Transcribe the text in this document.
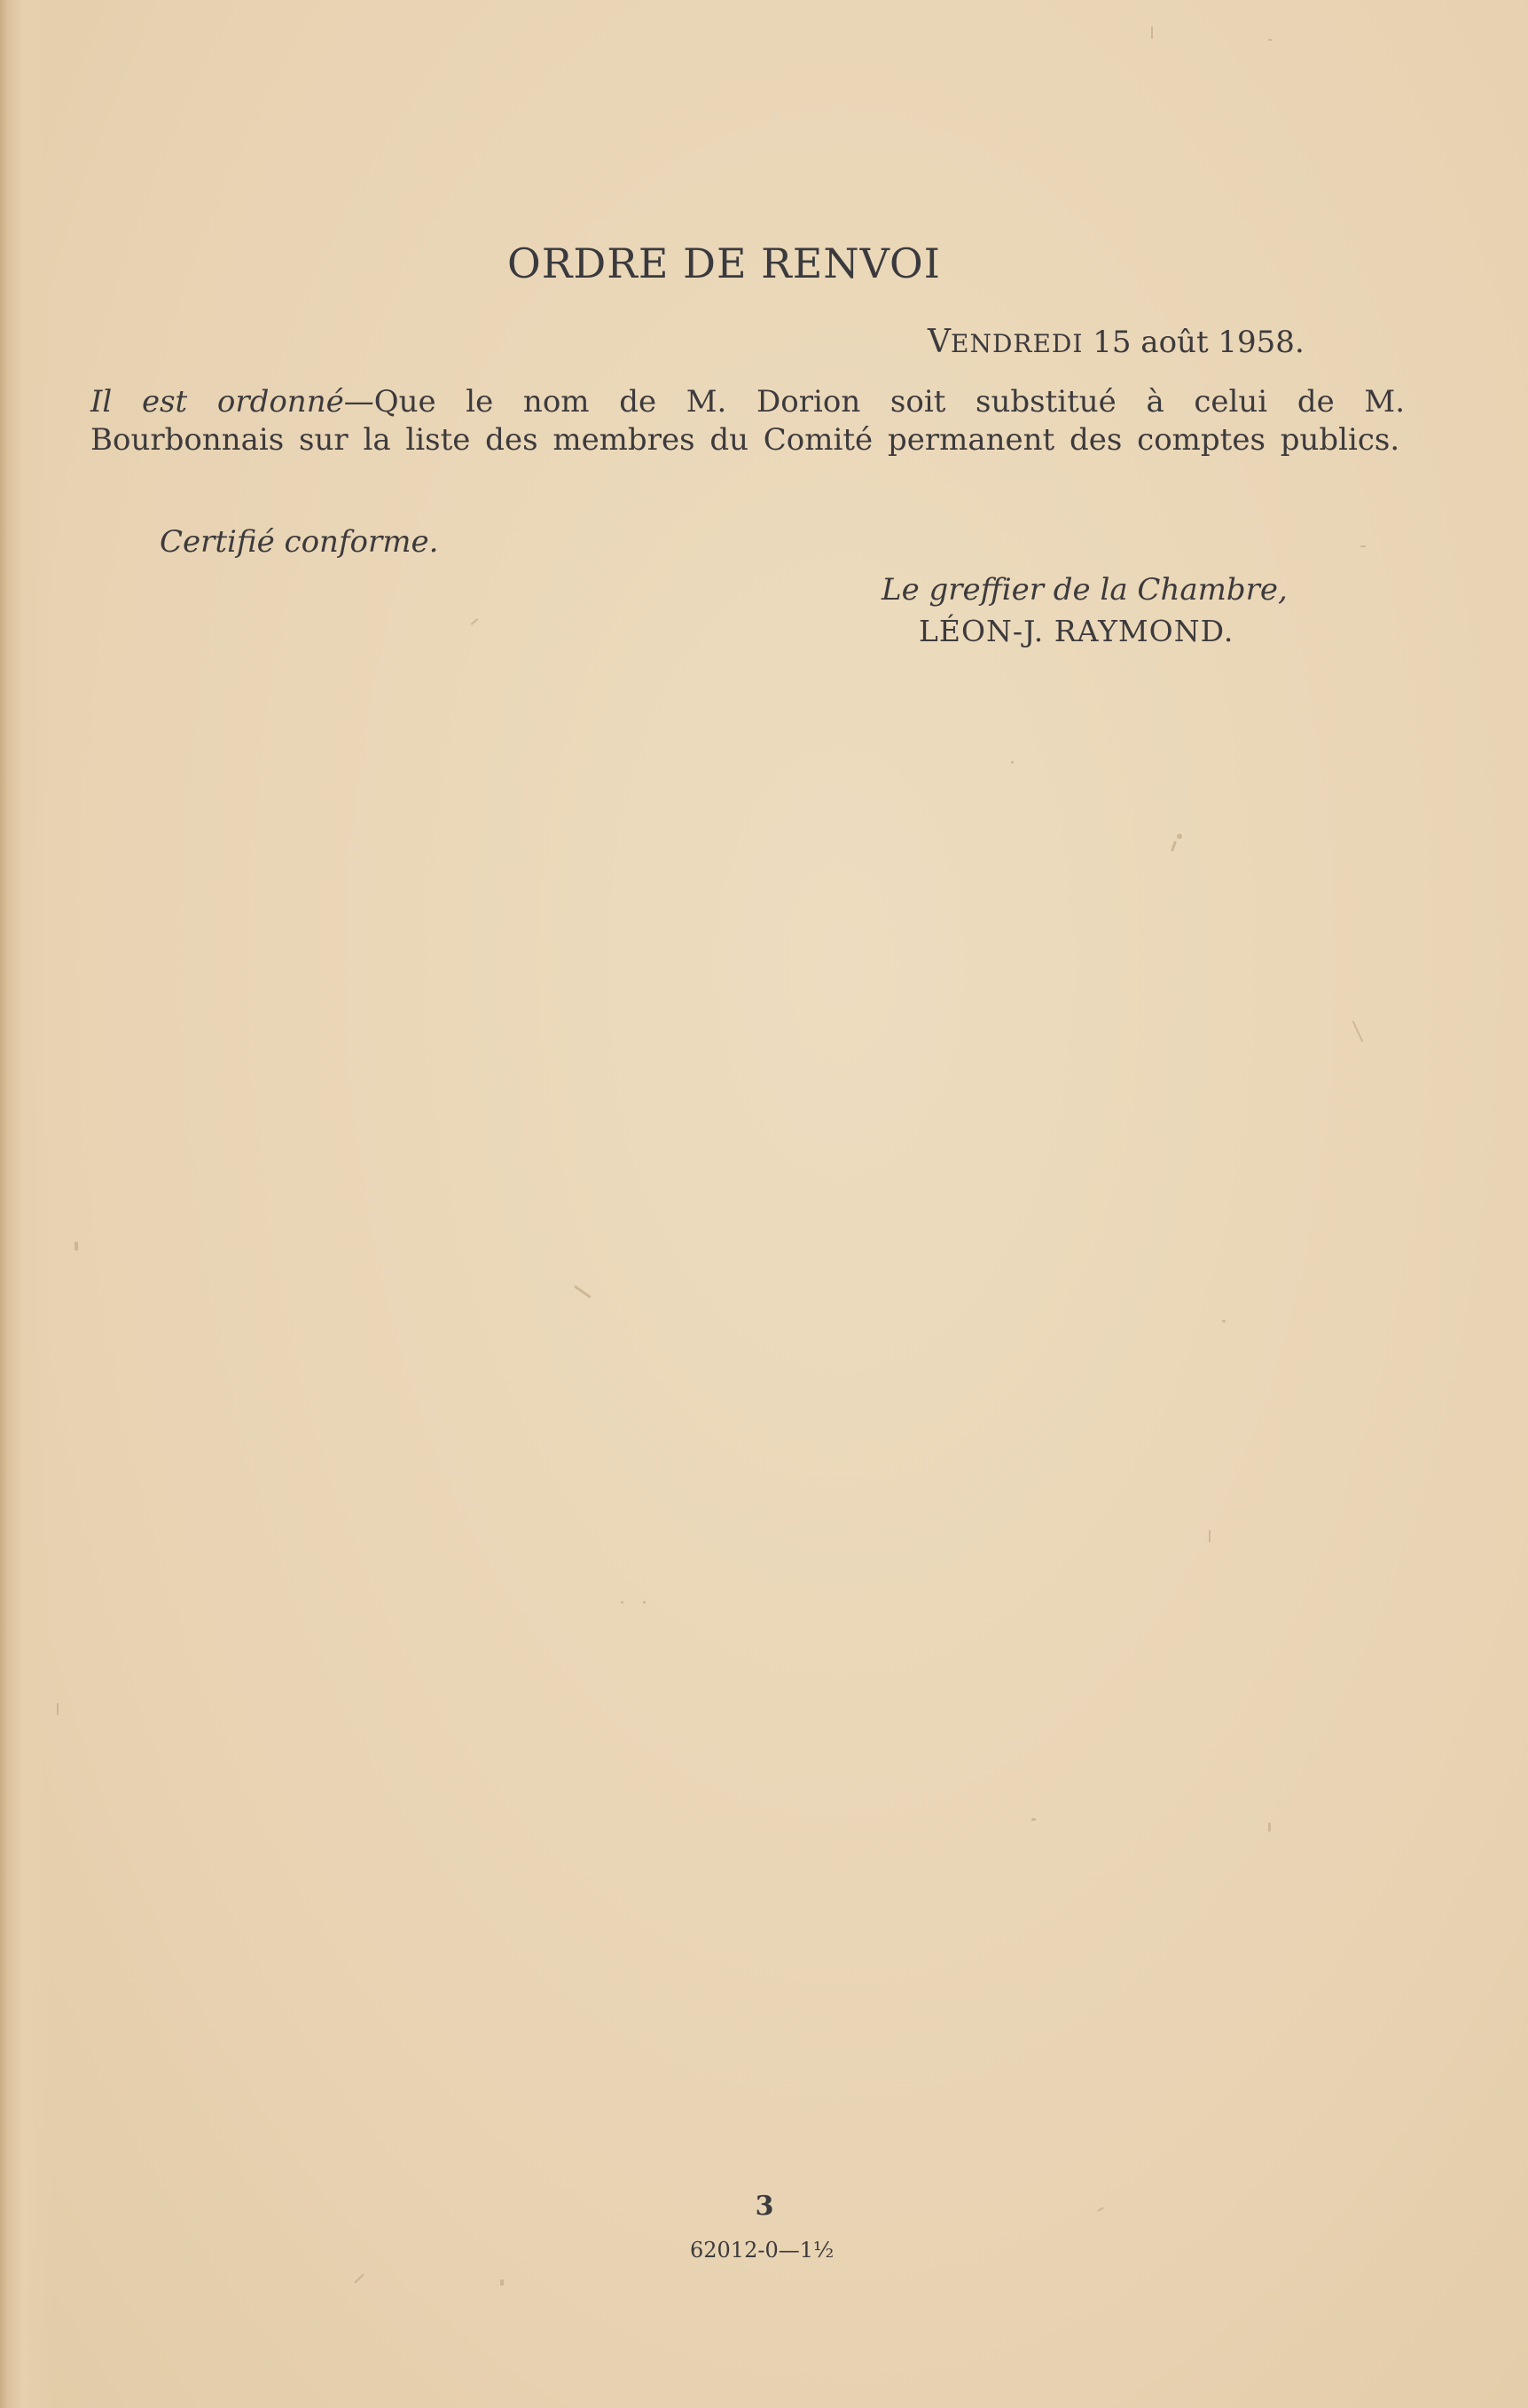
ORDRE DE RENVOI
VENDREDI 15 août 1958.
Il est ordonné—Que le nom de M. Dorion soit substitué à celui de M. Bourbonnais sur la liste des membres du Comité permanent des comptes publics.
Certifié conforme.
Le greffier de la Chambre,
LÉON-J. RAYMOND.
3
62012-0—1½
